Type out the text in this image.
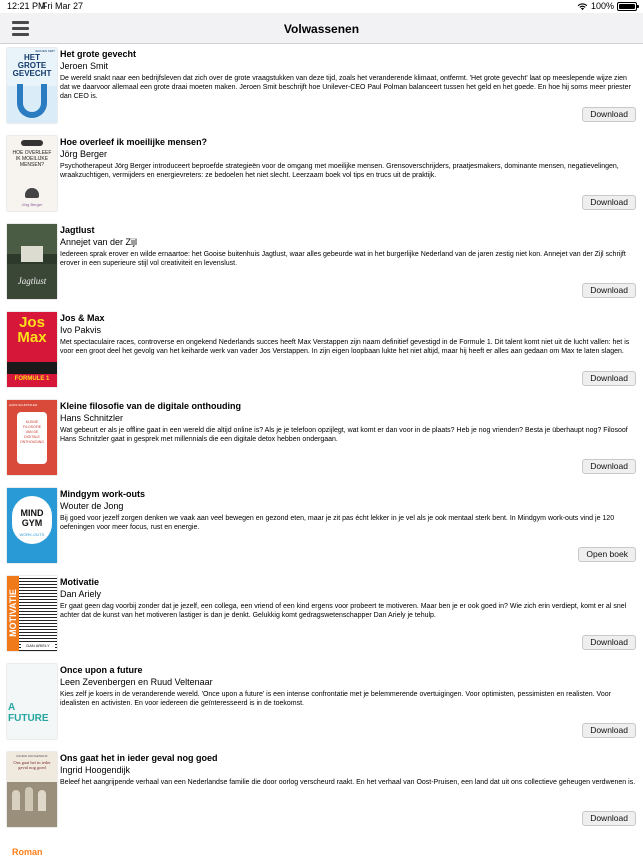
12:21 PM
Fri Mar 27	100%
Volwassenen
HET GROTE GEVECHT
JEROEN SMIT Het grote gevecht
Jeroen Smit
De wereld snakt naar een bedrijfsleven dat zich over de grote vraagstukken van deze tijd, zoals het veranderende klimaat, ontfermt. 'Het grote gevecht' laat op meeslepende wijze zien dat we daarvoor allemaal een grote draai moeten maken. Jeroen Smit beschrijft hoe Unilever-CEO Paul Polman balanceert tussen het geld en het goede. En hoe hij soms meer priester dan CEO is.
Download
HOE OVERLEEF IK MOEILIJKE MENSEN?
Jörg Berger
Hoe overleef ik moeilijke mensen?
Jörg Berger
Psychotherapeut Jörg Berger introduceert beproefde strategieën voor de omgang met moeilijke mensen. Grensoverschrijders, praatjesmakers, dominante mensen, negatievelingen, wraakzuchtigen, vermijders en energievreters: ze bedoelen het niet slecht. Leerzaam boek vol tips en trucs uit de praktijk.
Download
Jagtlust
Jagtlust
Annejet van der Zijl
Iedereen sprak erover en wilde ernaartoe: het Gooise buitenhuis Jagtlust, waar alles gebeurde wat in het burgerlijke Nederland van de jaren zestig niet kon. Annejet van der Zijl schrijft erover in een superieure stijl vol creativiteit en levenslust.
Download
Jos Max
FORMULE 1
Jos & Max
Ivo Pakvis
Met spectaculaire races, controverse en ongekend Nederlands succes heeft Max Verstappen zijn naam definitief gevestigd in de Formule 1. Dit talent komt niet uit de lucht vallen: het is voor een groot deel het gevolg van het keiharde werk van vader Jos Verstappen. In zijn eigen loopbaan lukte het niet altijd, maar hij heeft er alles aan gedaan om Max te laten slagen.
Download
HANS SCHNITZLER
KLEINE FILOSOFIE VAN DE DIGITALE ONTHOUDING
Kleine filosofie van de digitale onthouding
Hans Schnitzler
Wat gebeurt er als je offline gaat in een wereld die altijd online is? Als je je telefoon opzijlegt, wat komt er dan voor in de plaats? Heb je nog vrienden? Besta je überhaupt nog? Filosoof Hans Schnitzler gaat in gesprek met millennials die een digitale detox hebben ondergaan.
Download
MIND GYM
WORK-OUTS
Mindgym work-outs
Wouter de Jong
Bij goed voor jezelf zorgen denken we vaak aan veel bewegen en gezond eten, maar je zit pas écht lekker in je vel als je ook mentaal sterk bent. In Mindgym work-outs vind je 120 oefeningen voor meer focus, rust en energie.
Open boek
MOTIVATIE
DAN ARIELY
Motivatie
Dan Ariely
Er gaat geen dag voorbij zonder dat je jezelf, een collega, een vriend of een kind ergens voor probeert te motiveren. Maar ben je er ook goed in? Wie zich erin verdiept, komt er al snel achter dat de kunst van het motiveren lastiger is dan je denkt. Gelukkig komt gedragswetenschapper Dan Ariely je tehulp.
Download
A FUTURE
Once upon a future
Leen Zevenbergen en Ruud Veltenaar
Kies zelf je koers in de veranderende wereld. 'Once upon a future' is een intense confrontatie met je belemmerende overtuigingen. Voor optimisten, pessimisten en realisten. Voor idealisten en activisten. En voor iedereen die geïnteresseerd is in de toekomst.
Download
INGRID HOOGENDIJK
Ons gaat het in ieder geval nog goed
Ons gaat het in ieder geval nog goed
Ingrid Hoogendijk
Beleef het aangrijpende verhaal van een Nederlandse familie die door oorlog verscheurd raakt. En het verhaal van Oost-Pruisen, een land dat uit ons collectieve geheugen verdwenen is.
Download
Roman
